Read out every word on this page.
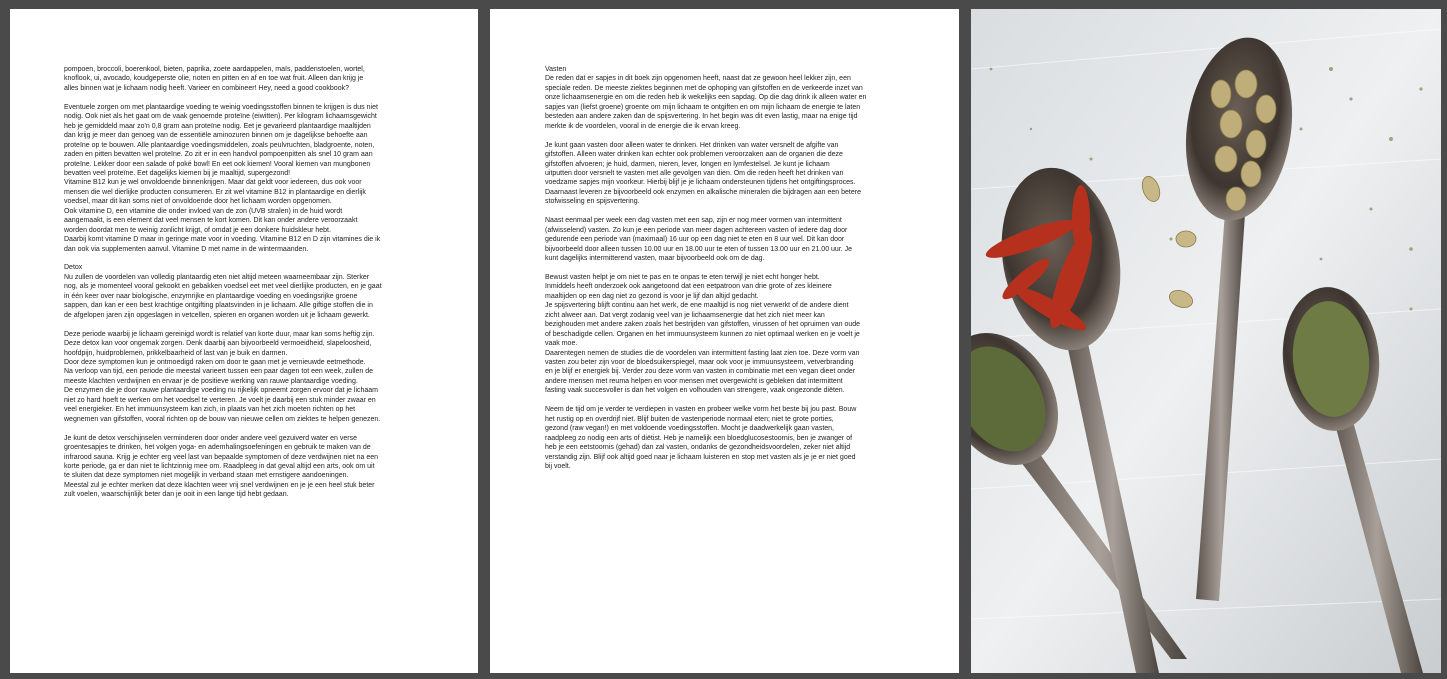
pompoen, broccoli, boerenkool, bieten, paprika, zoete aardappelen, maïs, paddenstoelen, wortel,
knoflook, ui, avocado, koudgeperste olie, noten en pitten en af en toe wat fruit. Alleen dan krijg je
alles binnen wat je lichaam nodig heeft. Varieer en combineer! Hey, need a good cookbook?
Eventuele zorgen om met plantaardige voeding te weinig voedingsstoffen binnen te krijgen is dus niet
nodig. Ook niet als het gaat om de vaak genoemde proteïne (eiwitten). Per kilogram lichaamsgewicht
heb je gemiddeld maar zo'n 0,8 gram aan proteïne nodig. Eet je gevarieerd plantaardige maaltijden
dan krijg je meer dan genoeg van de essentiële aminozuren binnen om je dagelijkse behoefte aan
proteïne op te bouwen. Alle plantaardige voedingsmiddelen, zoals peulvruchten, bladgroente, noten,
zaden en pitten bevatten wel proteïne. Zo zit er in een handvol pompoenpitten als snel 10 gram aan
proteïne. Lekker door een salade of poké bowl! En eet ook kiemen! Vooral kiemen van mungbonen
bevatten veel proteïne. Eet dagelijks kiemen bij je maaltijd, supergezond!
Vitamine B12 kun je wel onvoldoende binnenkrijgen. Maar dat geldt voor iedereen, dus ook voor
mensen die wel dierlijke producten consumeren. Er zit wel vitamine B12 in plantaardige en dierlijk
voedsel, maar dit kan soms niet of onvoldoende door het lichaam worden opgenomen.
Ook vitamine D, een vitamine die onder invloed van de zon (UVB stralen) in de huid wordt
aangemaakt, is een element dat veel mensen te kort komen. Dit kan onder andere veroorzaakt
worden doordat men te weinig zonlicht krijgt, of omdat je een donkere huidskleur hebt.
Daarbij komt vitamine D maar in geringe mate voor in voeding. Vitamine B12 en D zijn vitamines die ik
dan ook via supplementen aanvul. Vitamine D met name in de wintermaanden.
Detox
Nu zullen de voordelen van volledig plantaardig eten niet altijd meteen waarneembaar zijn. Sterker
nog, als je momenteel vooral gekookt en gebakken voedsel eet met veel dierlijke producten, en je gaat
in één keer over naar biologische, enzymrijke en plantaardige voeding en voedingsrijke groene
sappen, dan kan er een best krachtige ontgifting plaatsvinden in je lichaam. Alle giftige stoffen die in
de afgelopen jaren zijn opgeslagen in vetcellen, spieren en organen worden uit je lichaam gewerkt.
Deze periode waarbij je lichaam gereinigd wordt is relatief van korte duur, maar kan soms heftig zijn.
Deze detox kan voor ongemak zorgen. Denk daarbij aan bijvoorbeeld vermoeidheid, slapeloosheid,
hoofdpijn, huidproblemen, prikkelbaarheid of last van je buik en darmen.
Door deze symptomen kun je ontmoedigd raken om door te gaan met je vernieuwde eetmethode.
Na verloop van tijd, een periode die meestal varieert tussen een paar dagen tot een week, zullen de
meeste klachten verdwijnen en ervaar je de positieve werking van rauwe plantaardige voeding.
De enzymen die je door rauwe plantaardige voeding nu rijkelijk opneemt zorgen ervoor dat je lichaam
niet zo hard hoeft te werken om het voedsel te verteren. Je voelt je daarbij een stuk minder zwaar en
veel energieker. En het immuunsysteem kan zich, in plaats van het zich moeten richten op het
wegnemen van gifstoffen, vooral richten op de bouw van nieuwe cellen om ziektes te helpen genezen.
Je kunt de detox verschijnselen verminderen door onder andere veel gezuiverd water en verse
groentesapjes te drinken, het volgen yoga- en ademhalingsoefeningen en gebruik te maken van de
infrarood sauna. Krijg je echter erg veel last van bepaalde symptomen of deze verdwijnen niet na een
korte periode, ga er dan niet te lichtzinnig mee om. Raadpleeg in dat geval altijd een arts, ook om uit
te sluiten dat deze symptomen niet mogelijk in verband staan met ernstigere aandoeningen.
Meestal zul je echter merken dat deze klachten weer vrij snel verdwijnen en je je een heel stuk beter
zult voelen, waarschijnlijk beter dan je ooit in een lange tijd hebt gedaan.
Vasten
De reden dat er sapjes in dit boek zijn opgenomen heeft, naast dat ze gewoon heel lekker zijn, een
speciale reden. De meeste ziektes beginnen met de ophoping van gifstoffen en de verkeerde inzet van
onze lichaamsenergie en om die reden heb ik wekelijks een sapdag. Op die dag drink ik alleen water en
sapjes van (liefst groene) groente om mijn lichaam te ontgiften en om mijn lichaam de energie te laten
besteden aan andere zaken dan de spijsvertering. In het begin was dit even lastig, maar na enige tijd
merkte ik de voordelen, vooral in de energie die ik ervan kreeg.
Je kunt gaan vasten door alleen water te drinken. Het drinken van water versnelt de afgifte van
gifstoffen. Alleen water drinken kan echter ook problemen veroorzaken aan de organen die deze
gifstoffen afvoeren; je huid, darmen, nieren, lever, longen en lymfestelsel. Je kunt je lichaam
uitputten door versnelt te vasten met alle gevolgen van dien. Om die reden heeft het drinken van
voedzame sapjes mijn voorkeur. Hierbij blijf je je lichaam ondersteunen tijdens het ontgiftingsproces.
Daarnaast leveren ze bijvoorbeeld ook enzymen en alkalische mineralen die bijdragen aan een betere
stofwisseling en spijsvertering.
Naast eenmaal per week een dag vasten met een sap, zijn er nog meer vormen van intermittent
(afwisselend) vasten. Zo kun je een periode van meer dagen achtereen vasten of iedere dag door
gedurende een periode van (maximaal) 16 uur op een dag niet te eten en 8 uur wel. Dit kan door
bijvoorbeeld door alleen tussen 10.00 uur en 18.00 uur te eten of tussen 13.00 uur en 21.00 uur. Je
kunt dagelijks intermitterend vasten, maar bijvoorbeeld ook om de dag.
Bewust vasten helpt je om niet te pas en te onpas te eten terwijl je niet echt honger hebt.
Inmiddels heeft onderzoek ook aangetoond dat een eetpatroon van drie grote of zes kleinere
maaltijden op een dag niet zo gezond is voor je lijf dan altijd gedacht.
Je spijsvertering blijft continu aan het werk, de ene maaltijd is nog niet verwerkt of de andere dient
zicht alweer aan. Dat vergt zodanig veel van je lichaamsenergie dat het zich niet meer kan
bezighouden met andere zaken zoals het bestrijden van gifstoffen, virussen of het opruimen van oude
of beschadigde cellen. Organen en het immuunsysteem kunnen zo niet optimaal werken en je voelt je
vaak moe.
Daarentegen nemen de studies die de voordelen van intermittent fasting laat zien toe. Deze vorm van
vasten zou beter zijn voor de bloedsuikerspiegel, maar ook voor je immuunsysteem, vetverbranding
en je blijf er energiek bij. Verder zou deze vorm van vasten in combinatie met een vegan dieet onder
andere mensen met reuma helpen en voor mensen met overgewicht is gebleken dat intermittent
fasting vaak succesvoller is dan het volgen en volhouden van strengere, vaak ongezonde diëten.
Neem de tijd om je verder te verdiepen in vasten en probeer welke vorm het beste bij jou past. Bouw
het rustig op en overdrijf niet. Blijf buiten de vastenperiode normaal eten; niet te grote porties,
gezond (raw vegan!) en met voldoende voedingsstoffen. Mocht je daadwerkelijk gaan vasten,
raadpleeg zo nodig een arts of diëtist. Heb je namelijk een bloedglucosestoornis, ben je zwanger of
heb je een eetstoornis (gehad) dan zal vasten, ondanks de gezondheidsvoordelen, zeker niet altijd
verstandig zijn. Blijf ook altijd goed naar je lichaam luisteren en stop met vasten als je je er niet goed
bij voelt.
